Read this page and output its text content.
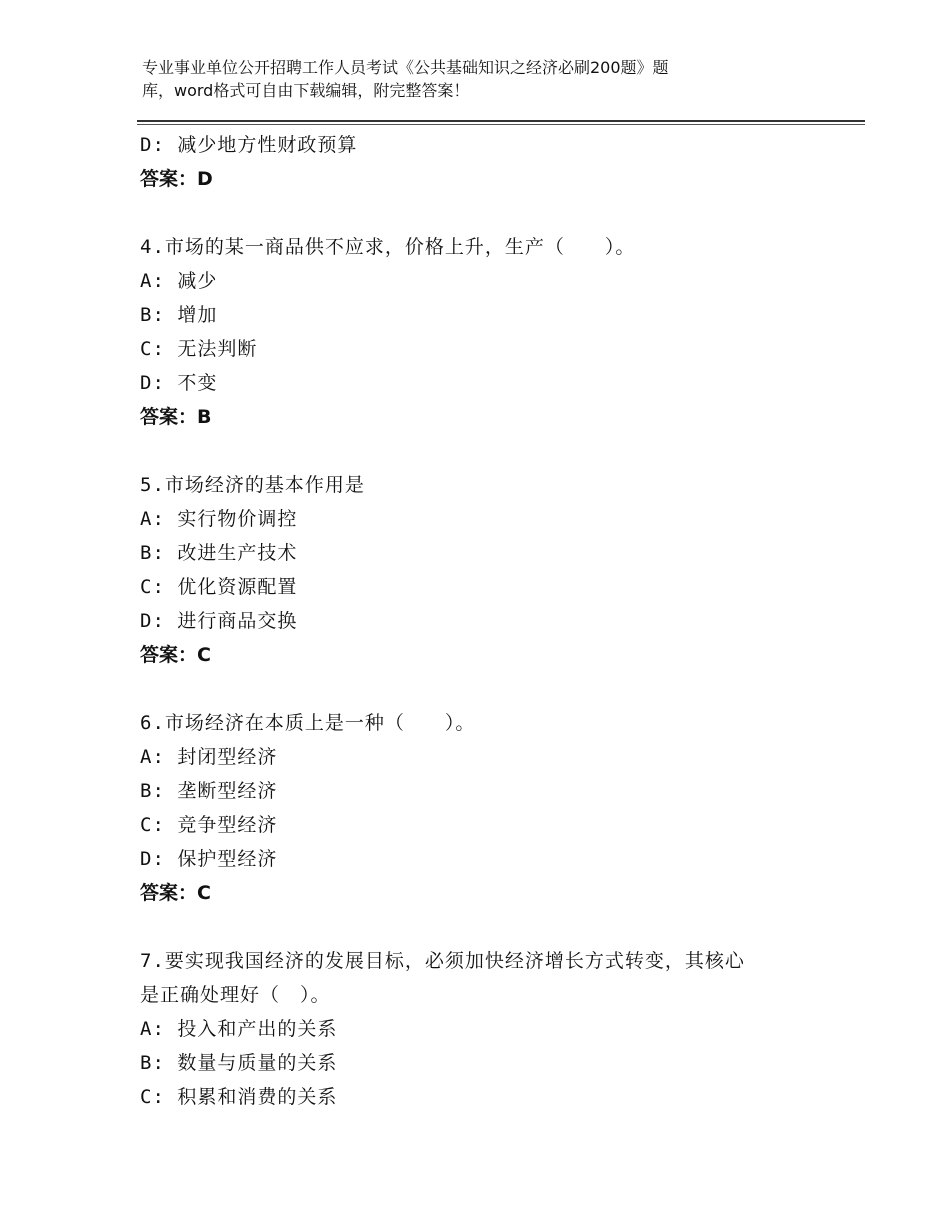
专业事业单位公开招聘工作人员考试《公共基础知识之经济必刷200题》题
库，word格式可自由下载编辑，附完整答案！
D: 减少地方性财政预算
答案：D
4.市场的某一商品供不应求，价格上升，生产（　　）。
A: 减少
B: 增加
C: 无法判断
D: 不变
答案：B
5.市场经济的基本作用是
A: 实行物价调控
B: 改进生产技术
C: 优化资源配置
D: 进行商品交换
答案：C
6.市场经济在本质上是一种（　　）。
A: 封闭型经济
B: 垄断型经济
C: 竞争型经济
D: 保护型经济
答案：C
7.要实现我国经济的发展目标，必须加快经济增长方式转变，其核心
是正确处理好（　）。
A: 投入和产出的关系
B: 数量与质量的关系
C: 积累和消费的关系
